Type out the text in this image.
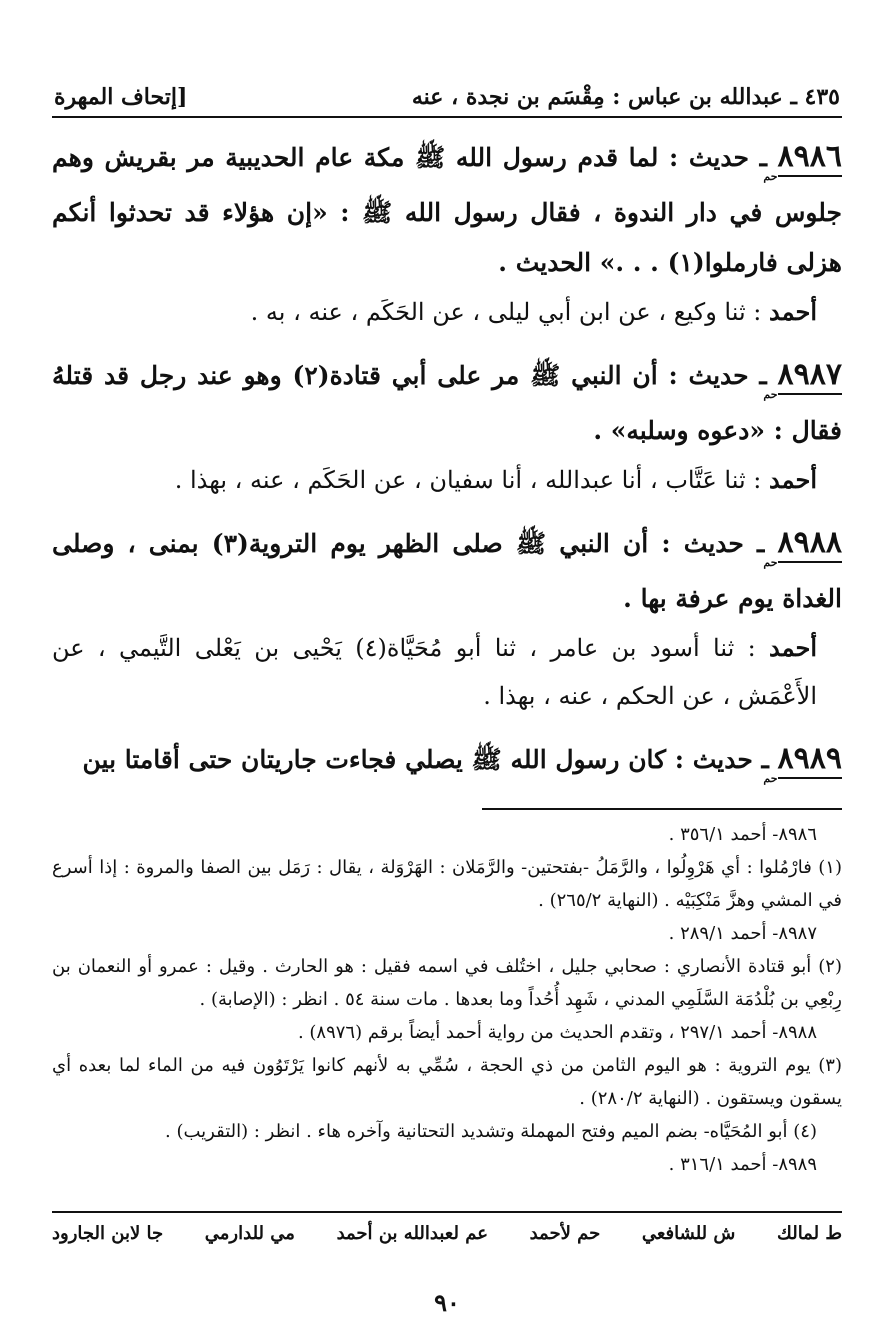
٤٣٥ ـ عبدالله بن عباس : مِقْسَم بن نجدة ، عنه
[إتحاف المهرة
٨٩٨٦حم ـ حديث : لما قدم رسول الله ﷺ مكة عام الحديبية مر بقريش وهم جلوس في دار الندوة ، فقال رسول الله ﷺ : «إن هؤلاء قد تحدثوا أنكم هزلى فارملوا(١) . . .» الحديث .
أحمد : ثنا وكيع ، عن ابن أبي ليلى ، عن الحَكَم ، عنه ، به .
٨٩٨٧حم ـ حديث : أن النبي ﷺ مر على أبي قتادة(٢) وهو عند رجل قد قتلهُ فقال : «دعوه وسلبه» .
أحمد : ثنا عَتَّاب ، أنا عبدالله ، أنا سفيان ، عن الحَكَم ، عنه ، بهذا .
٨٩٨٨حم ـ حديث : أن النبي ﷺ صلى الظهر يوم التروية(٣) بمنى ، وصلى الغداة يوم عرفة بها .
أحمد : ثنا أسود بن عامر ، ثنا أبو مُحَيَّاة(٤) يَحْيى بن يَعْلى التَّيمي ، عن الأَعْمَش ، عن الحكم ، عنه ، بهذا .
٨٩٨٩حم ـ حديث : كان رسول الله ﷺ يصلي فجاءت جاريتان حتى أقامتا بين
٨٩٨٦- أحمد ٣٥٦/١ .
(١) فارْمُلوا : أي هَرْوِلُوا ، والرَّمَلُ -بفتحتين- والرَّمَلان : الهَرْوَلة ، يقال : رَمَل بين الصفا والمروة : إذا أسرع في المشي وهزَّ مَنْكِبَيْه . (النهاية ٢٦٥/٢) .
٨٩٨٧- أحمد ٢٨٩/١ .
(٢) أبو قتادة الأنصاري : صحابي جليل ، اختُلف في اسمه فقيل : هو الحارث . وقيل : عمرو أو النعمان بن رِبْعِي بن بُلْدُمَة السَّلَمِي المدني ، شَهِد أُحُداً وما بعدها . مات سنة ٥٤ . انظر : (الإصابة) .
٨٩٨٨- أحمد ٢٩٧/١ ، وتقدم الحديث من رواية أحمد أيضاً برقم (٨٩٧٦) .
(٣) يوم التروية : هو اليوم الثامن من ذي الحجة ، سُمِّي به لأنهم كانوا يَرْتَوُون فيه من الماء لما بعده أي يسقون ويستقون . (النهاية ٢٨٠/٢) .
(٤) أبو المُحَيَّاه- بضم الميم وفتح المهملة وتشديد التحتانية وآخره هاء . انظر : (التقريب) .
٨٩٨٩- أحمد ٣١٦/١ .
ط لمالك
ش للشافعي
حم لأحمد
عم لعبدالله بن أحمد
مي للدارمي
جا لابن الجارود
٩٠
